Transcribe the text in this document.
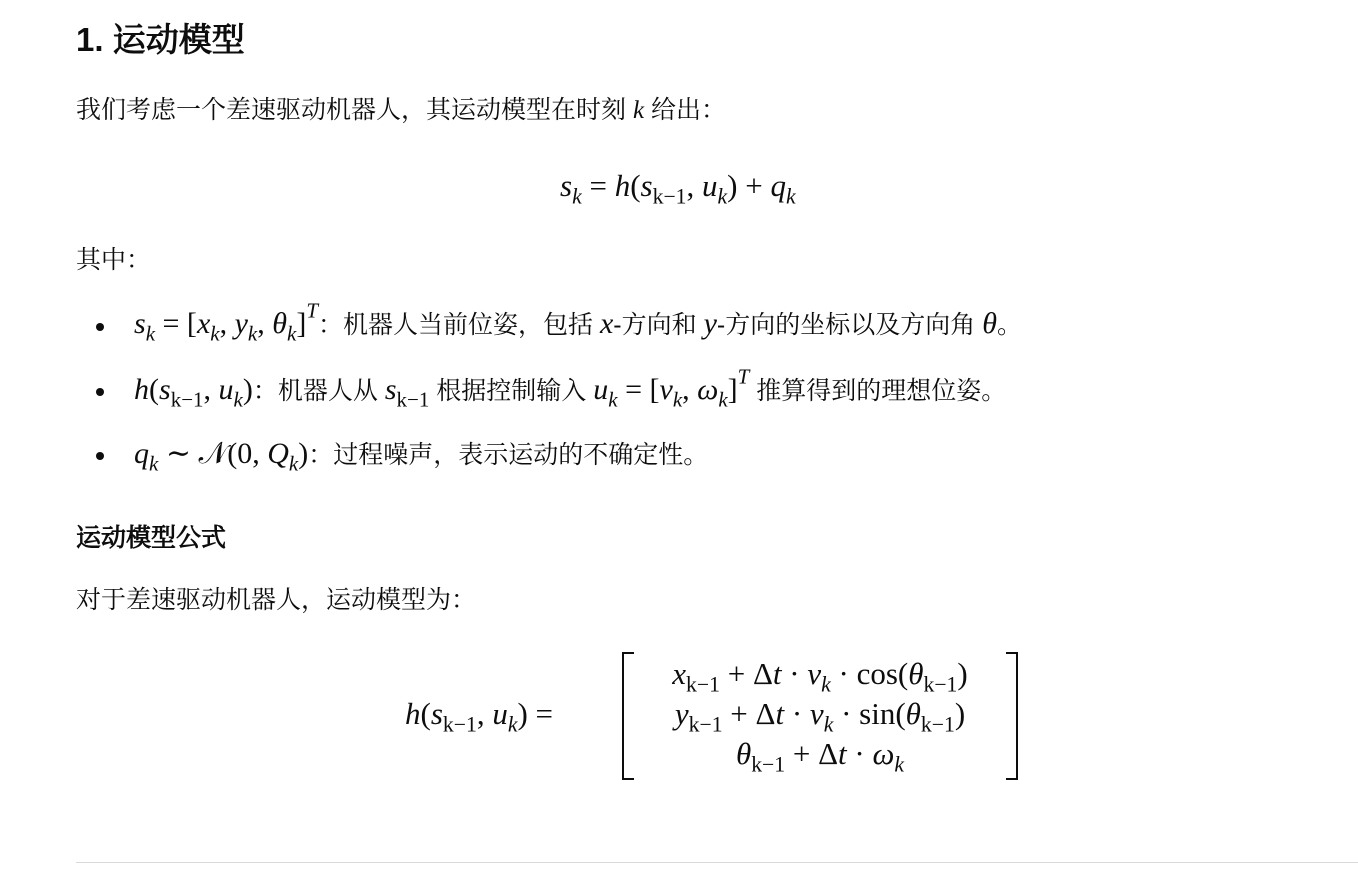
1. 运动模型
我们考虑一个差速驱动机器人，其运动模型在时刻 k 给出：
$s_k = h(s_{k-1}$, $u_k) + q_k$
其中：
$s_k = [x_k$, $y_k$, $\theta_k]^T$：机器人当前位姿，包括 x-方向和 y-方向的坐标以及方向角 θ。
$h(s_{k-1}$, $u_k$)：机器人从 $s_{k-1}$ 根据控制输入 $u_k = [v_k$, $\omega_k]^T$ 推算得到的理想位姿。
$q_k$ ∼ 𝒩(0, $Q_k$)：过程噪声，表示运动的不确定性。
运动模型公式
对于差速驱动机器人，运动模型为：
$h(s_{k-1}$, $u_k$) =
$x_{k-1} + \Delta t \cdot v_k \cdot \cos(\theta_{k-1})$
$y_{k-1} + \Delta t \cdot v_k \cdot \sin(\theta_{k-1})$
$\theta_{k-1} + \Delta t \cdot \omega_k$
